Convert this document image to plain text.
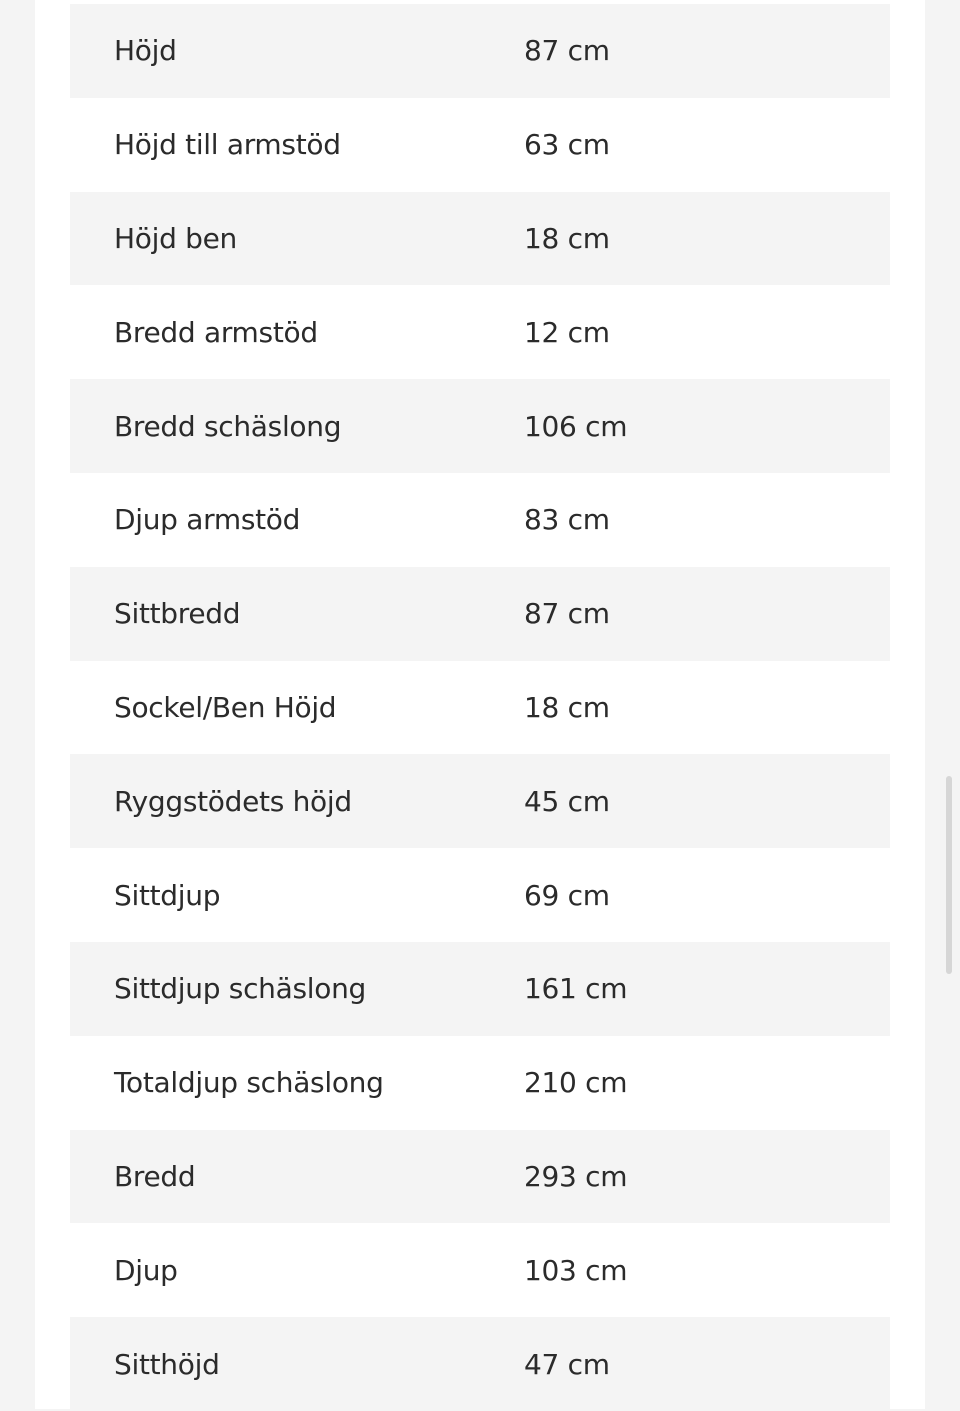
Höjd	87 cm
Höjd till armstöd	63 cm
Höjd ben	18 cm
Bredd armstöd	12 cm
Bredd schäslong	106 cm
Djup armstöd	83 cm
Sittbredd	87 cm
Sockel/Ben Höjd	18 cm
Ryggstödets höjd	45 cm
Sittdjup	69 cm
Sittdjup schäslong	161 cm
Totaldjup schäslong	210 cm
Bredd	293 cm
Djup	103 cm
Sitthöjd	47 cm
